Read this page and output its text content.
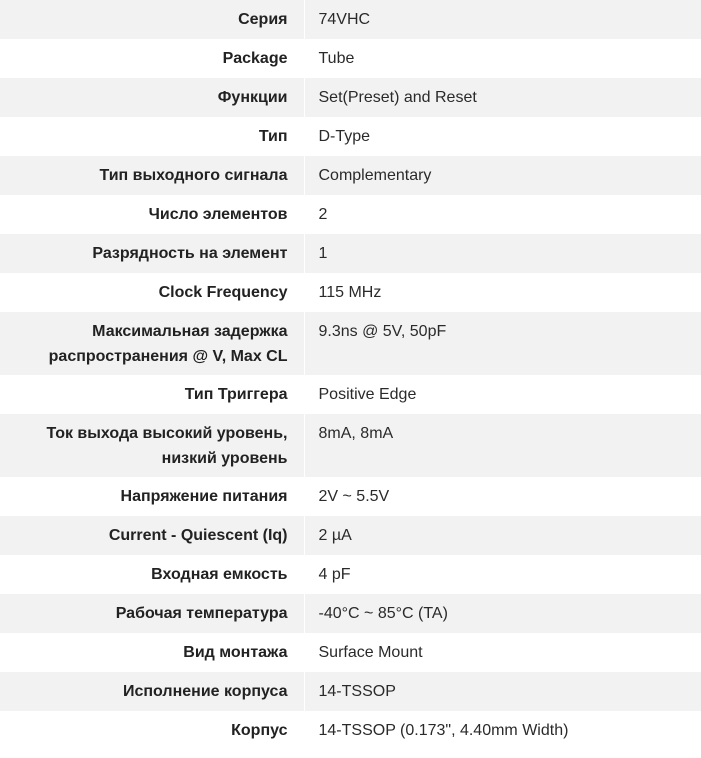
Серия	74VHC

Package	Tube

Функции	Set(Preset) and Reset

Тип	D-Type

Тип выходного сигнала	Complementary

Число элементов	2

Разрядность на элемент	1

Clock Frequency	115 MHz

Максимальная задержка
распространения @ V, Max CL	9.3ns @ 5V, 50pF

Тип Триггера	Positive Edge

Ток выхода высокий уровень,
низкий уровень	8mA, 8mA

Напряжение питания	2V ~ 5.5V

Current - Quiescent (Iq)	2 µA

Входная емкость	4 pF

Рабочая температура	-40°C ~ 85°C (TA)

Вид монтажа	Surface Mount

Исполнение корпуса	14-TSSOP

Корпус	14-TSSOP (0.173", 4.40mm Width)
